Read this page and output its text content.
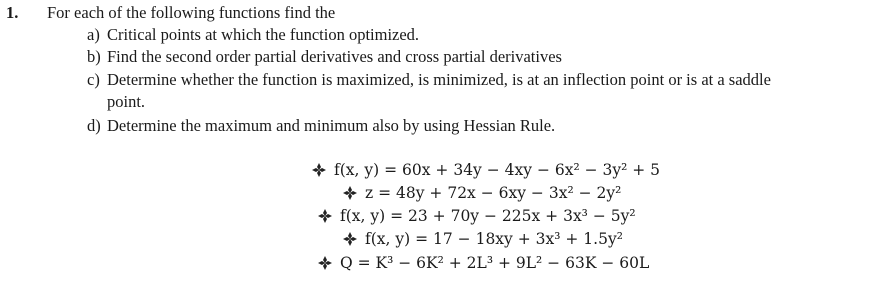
1. For each of the following functions find the
a) Critical points at which the function optimized.
b) Find the second order partial derivatives and cross partial derivatives
c) Determine whether the function is maximized, is minimized, is at an inflection point or is at a saddle
point.
d) Determine the maximum and minimum also by using Hessian Rule.
f(x, y) = 60x + 34y − 4xy − 6x² − 3y² + 5
z = 48y + 72x − 6xy − 3x² − 2y²
f(x, y) = 23 + 70y − 225x + 3x³ − 5y²
f(x, y) = 17 − 18xy + 3x³ + 1.5y²
Q = K³ − 6K² + 2L³ + 9L² − 63K − 60L
